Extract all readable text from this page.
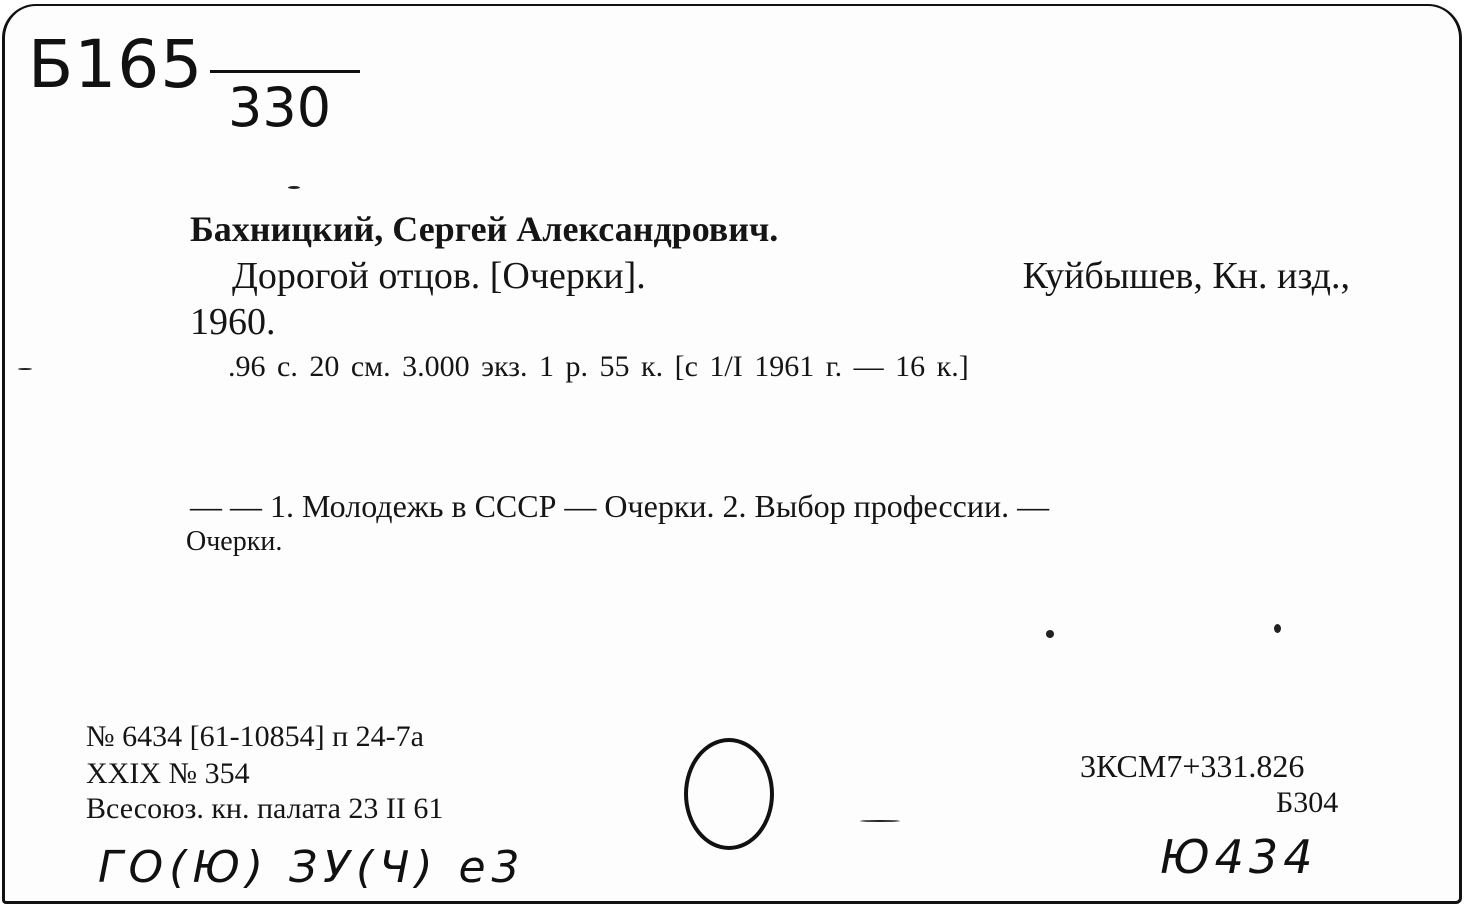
Б165
330
Бахницкий, Сергей Александрович.
Дорогой отцов. [Очерки].	Куйбышев, Кн. изд.,
1960.
.96 с. 20 см. 3.000 экз. 1 р. 55 к. [с 1/I 1961 г. — 16 к.]
— — 1. Молодежь в СССР — Очерки. 2. Выбор профессии. —
Очерки.
№ 6434 [61-10854] п 24-7а
XXIX № 354
Всесоюз. кн. палата 23 II 61
3КСМ7+331.826
Б304
ГО(Ю) ЗУ(Ч) е3	Ю434
